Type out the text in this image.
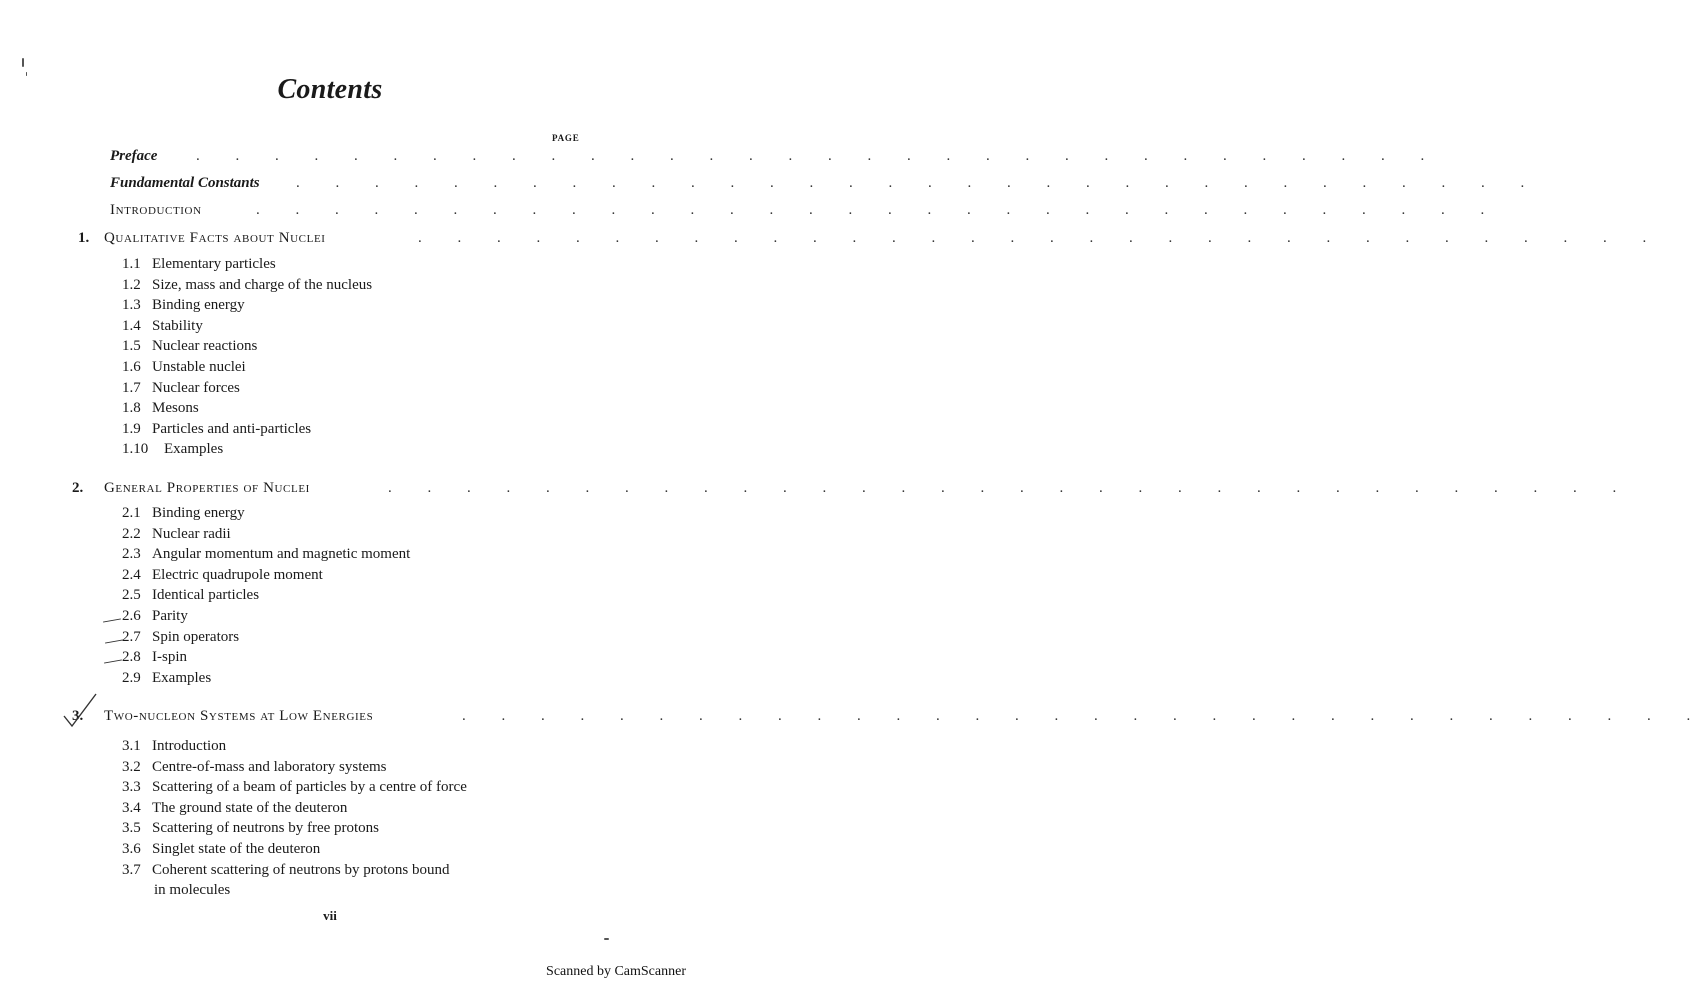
Contents
PAGE
Preface	. . . . . . . . . . . . . . . . . . . . . . . . . . . . . . . .
Fundamental Constants . . . . . . . . . . . . . . . . . . . . . . . . . . . . . . . .
Introduction	. . . . . . . . . . . . . . . . . . . . . . . . . . . . . . . .
1. Qualitative Facts about Nuclei	. . . . . . . . . . . . . . . . . . . . . . . . . . . . . . . .
1.1 Elementary particles
1.2 Size, mass and charge of the nucleus
1.3 Binding energy
1.4 Stability
1.5 Nuclear reactions
1.6 Unstable nuclei
1.7 Nuclear forces
1.8 Mesons
1.9 Particles and anti-particles
1.10 Examples
2. General Properties of Nuclei	. . . . . . . . . . . . . . . . . . . . . . . . . . . . . . . .
2.1 Binding energy
2.2 Nuclear radii
2.3 Angular momentum and magnetic moment
2.4 Electric quadrupole moment
2.5 Identical particles
2.6 Parity
2.7 Spin operators
2.8 I-spin
2.9 Examples
3. Two-nucleon Systems at Low Energies	. . . . . . . . . . . . . . . . . . . . . . . . . . . . . . . .
3.1 Introduction
3.2 Centre-of-mass and laboratory systems
3.3 Scattering of a beam of particles by a centre of force
3.4 The ground state of the deuteron
3.5 Scattering of neutrons by free protons
3.6 Singlet state of the deuteron
3.7 Coherent scattering of neutrons by protons bound
in molecules
vii
Scanned by CamScanner
